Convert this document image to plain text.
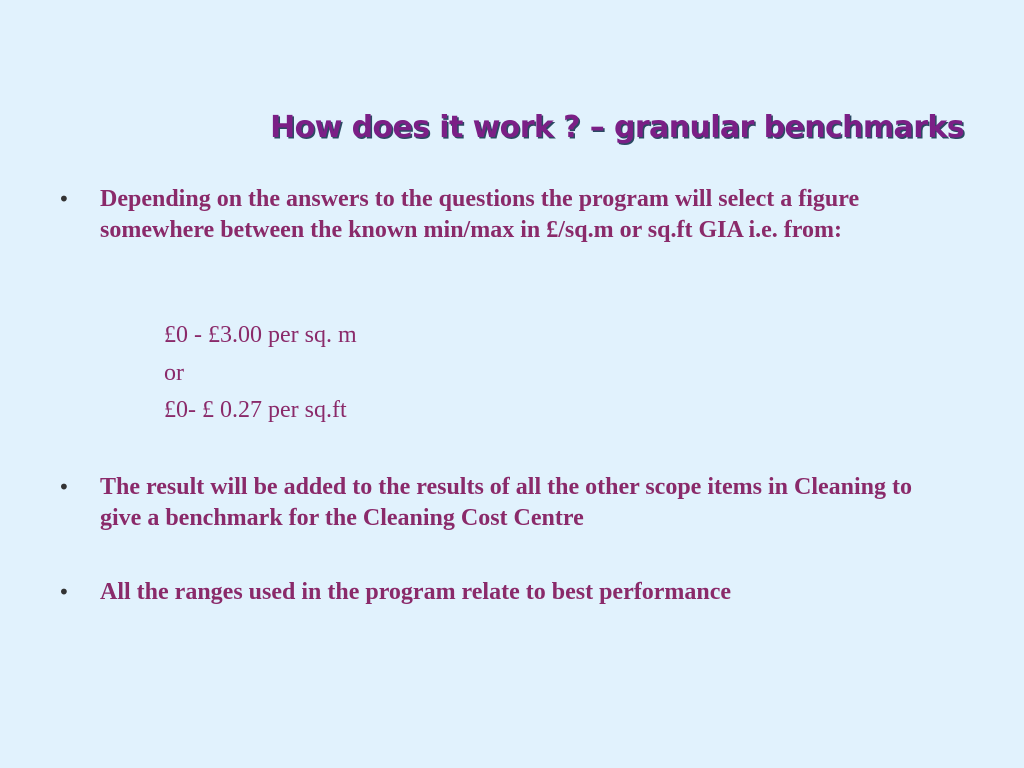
How does it work ? – granular benchmarks
•	Depending on the answers to the questions the program will select a figure somewhere between the known min/max in £/sq.m or sq.ft GIA i.e. from:
£0 - £3.00 per sq. m
or
£0- £ 0.27 per sq.ft
•	The result will be added to the results of all the other scope items in Cleaning to give a benchmark for the Cleaning Cost Centre
•	All the ranges used in the program relate to best performance
